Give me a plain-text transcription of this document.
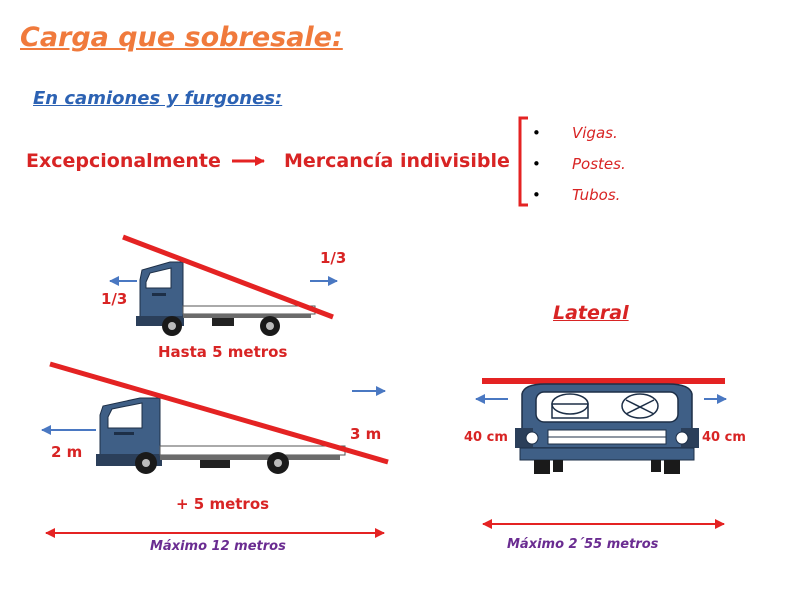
Carga que sobresale:
En camiones y furgones:
Excepcionalmente	Mercancía indivisible
• Vigas.
• Postes.
• Tubos.
1/3
1/3
Hasta 5 metros
2 m
3 m
+ 5 metros
Máximo 12 metros
Lateral
40 cm	40 cm
Máximo 2´55 metros
